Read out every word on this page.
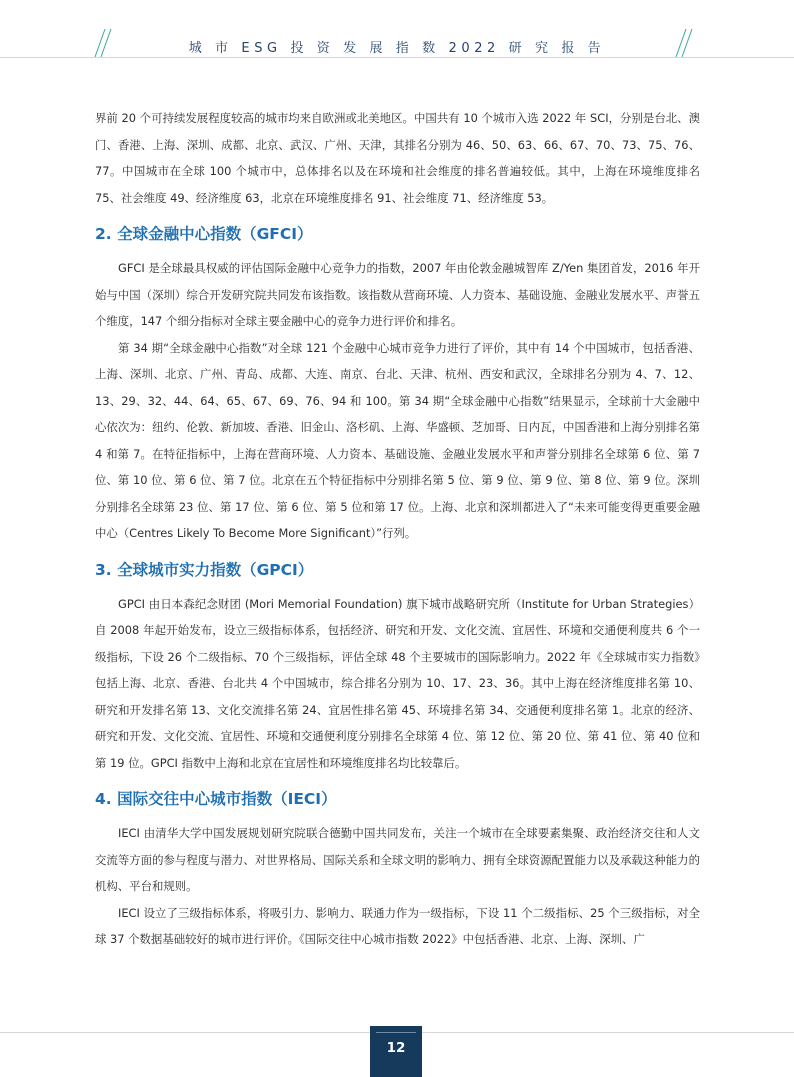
城 市 ESG 投 资 发 展 指 数 2022 研 究 报 告

界前 20 个可持续发展程度较高的城市均来自欧洲或北美地区。中国共有 10 个城市入选 2022 年 SCI，分别是台北、澳门、香港、上海、深圳、成都、北京、武汉、广州、天津，其排名分别为 46、50、63、66、67、70、73、75、76、77。中国城市在全球 100 个城市中，总体排名以及在环境和社会维度的排名普遍较低。其中，上海在环境维度排名 75、社会维度 49、经济维度 63，北京在环境维度排名 91、社会维度 71、经济维度 53。

2. 全球金融中心指数（GFCI）

GFCI 是全球最具权威的评估国际金融中心竞争力的指数，2007 年由伦敦金融城智库 Z/Yen 集团首发，2016 年开始与中国（深圳）综合开发研究院共同发布该指数。该指数从营商环境、人力资本、基础设施、金融业发展水平、声誉五个维度，147 个细分指标对全球主要金融中心的竞争力进行评价和排名。

第 34 期“全球金融中心指数”对全球 121 个金融中心城市竞争力进行了评价，其中有 14 个中国城市，包括香港、上海、深圳、北京、广州、青岛、成都、大连、南京、台北、天津、杭州、西安和武汉，全球排名分别为 4、7、12、13、29、32、44、64、65、67、69、76、94 和 100。第 34 期“全球金融中心指数”结果显示，全球前十大金融中心依次为：纽约、伦敦、新加坡、香港、旧金山、洛杉矶、上海、华盛顿、芝加哥、日内瓦，中国香港和上海分别排名第 4 和第 7。在特征指标中，上海在营商环境、人力资本、基础设施、金融业发展水平和声誉分别排名全球第 6 位、第 7 位、第 10 位、第 6 位、第 7 位。北京在五个特征指标中分别排名第 5 位、第 9 位、第 9 位、第 8 位、第 9 位。深圳分别排名全球第 23 位、第 17 位、第 6 位、第 5 位和第 17 位。上海、北京和深圳都进入了“未来可能变得更重要金融中心（Centres Likely To Become More Significant）”行列。

3. 全球城市实力指数（GPCI）

GPCI 由日本森纪念财团 (Mori Memorial Foundation) 旗下城市战略研究所（Institute for Urban Strategies）自 2008 年起开始发布，设立三级指标体系，包括经济、研究和开发、文化交流、宜居性、环境和交通便利度共 6 个一级指标，下设 26 个二级指标、70 个三级指标，评估全球 48 个主要城市的国际影响力。2022 年《全球城市实力指数》包括上海、北京、香港、台北共 4 个中国城市，综合排名分别为 10、17、23、36。其中上海在经济维度排名第 10、研究和开发排名第 13、文化交流排名第 24、宜居性排名第 45、环境排名第 34、交通便利度排名第 1。北京的经济、研究和开发、文化交流、宜居性、环境和交通便利度分别排名全球第 4 位、第 12 位、第 20 位、第 41 位、第 40 位和第 19 位。GPCI 指数中上海和北京在宜居性和环境维度排名均比较靠后。

4. 国际交往中心城市指数（IECI）

IECI 由清华大学中国发展规划研究院联合德勤中国共同发布，关注一个城市在全球要素集聚、政治经济交往和人文交流等方面的参与程度与潜力、对世界格局、国际关系和全球文明的影响力、拥有全球资源配置能力以及承载这种能力的机构、平台和规则。

IECI 设立了三级指标体系，将吸引力、影响力、联通力作为一级指标，下设 11 个二级指标、25 个三级指标，对全球 37 个数据基础较好的城市进行评价。《国际交往中心城市指数 2022》中包括香港、北京、上海、深圳、广

12
